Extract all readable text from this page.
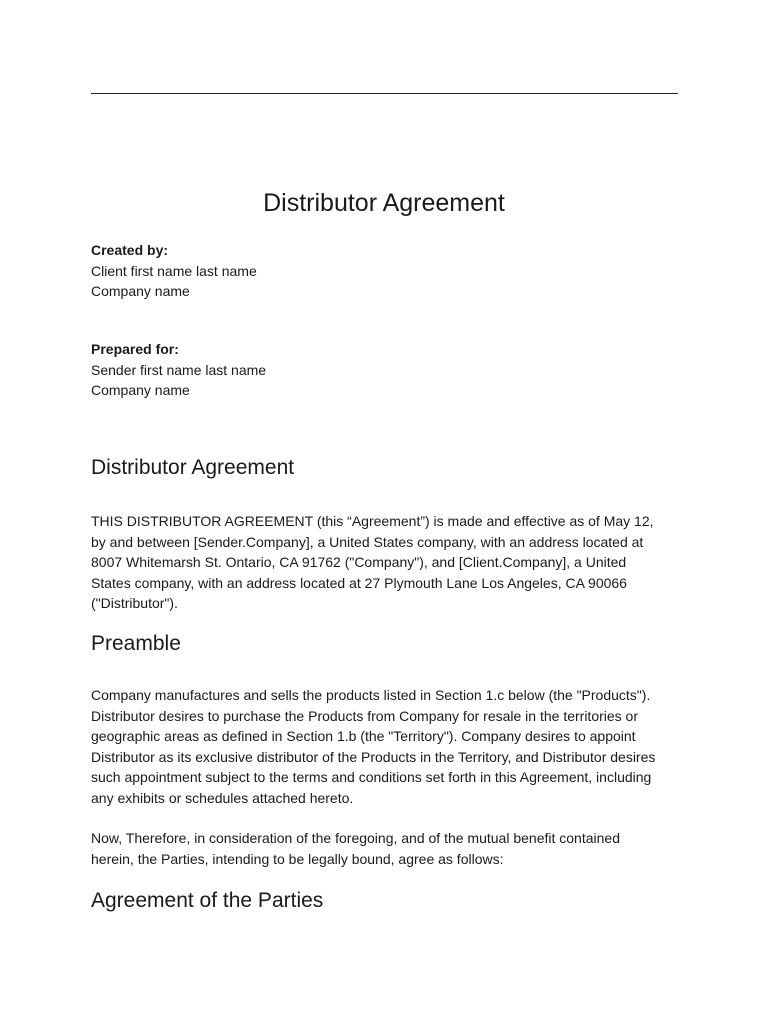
Distributor Agreement
Created by:
Client first name last name
Company name
Prepared for:
Sender first name last name
Company name
Distributor Agreement

THIS DISTRIBUTOR AGREEMENT (this “Agreement”) is made and effective as of May 12,
by and between [Sender.Company], a United States company, with an address located at
8007 Whitemarsh St. Ontario, CA 91762 ("Company"), and [Client.Company], a United
States company, with an address located at 27 Plymouth Lane Los Angeles, CA 90066
("Distributor").

Preamble

Company manufactures and sells the products listed in Section 1.c below (the "Products").
Distributor desires to purchase the Products from Company for resale in the territories or
geographic areas as defined in Section 1.b (the "Territory"). Company desires to appoint
Distributor as its exclusive distributor of the Products in the Territory, and Distributor desires
such appointment subject to the terms and conditions set forth in this Agreement, including
any exhibits or schedules attached hereto.

Now, Therefore, in consideration of the foregoing, and of the mutual benefit contained
herein, the Parties, intending to be legally bound, agree as follows:

Agreement of the Parties
